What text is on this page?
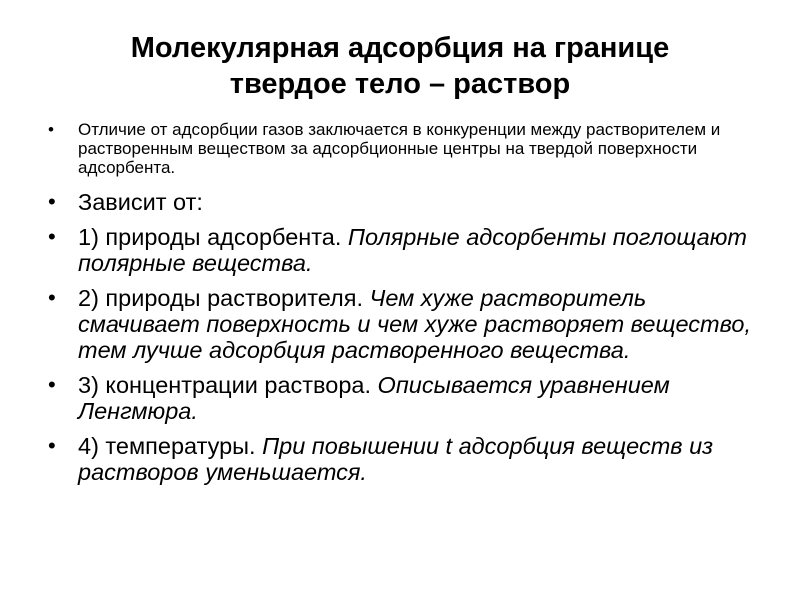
Молекулярная адсорбция на границе
твердое тело – раствор
• Отличие от адсорбции газов заключается в конкуренции между растворителем и растворенным веществом за адсорбционные центры на твердой поверхности адсорбента.
• Зависит от:
• 1) природы адсорбента. Полярные адсорбенты поглощают полярные вещества.
• 2) природы растворителя. Чем хуже растворитель смачивает поверхность и чем хуже растворяет вещество, тем лучше адсорбция растворенного вещества.
• 3) концентрации раствора. Описывается уравнением Ленгмюра.
• 4) температуры. При повышении t адсорбция веществ из растворов уменьшается.
